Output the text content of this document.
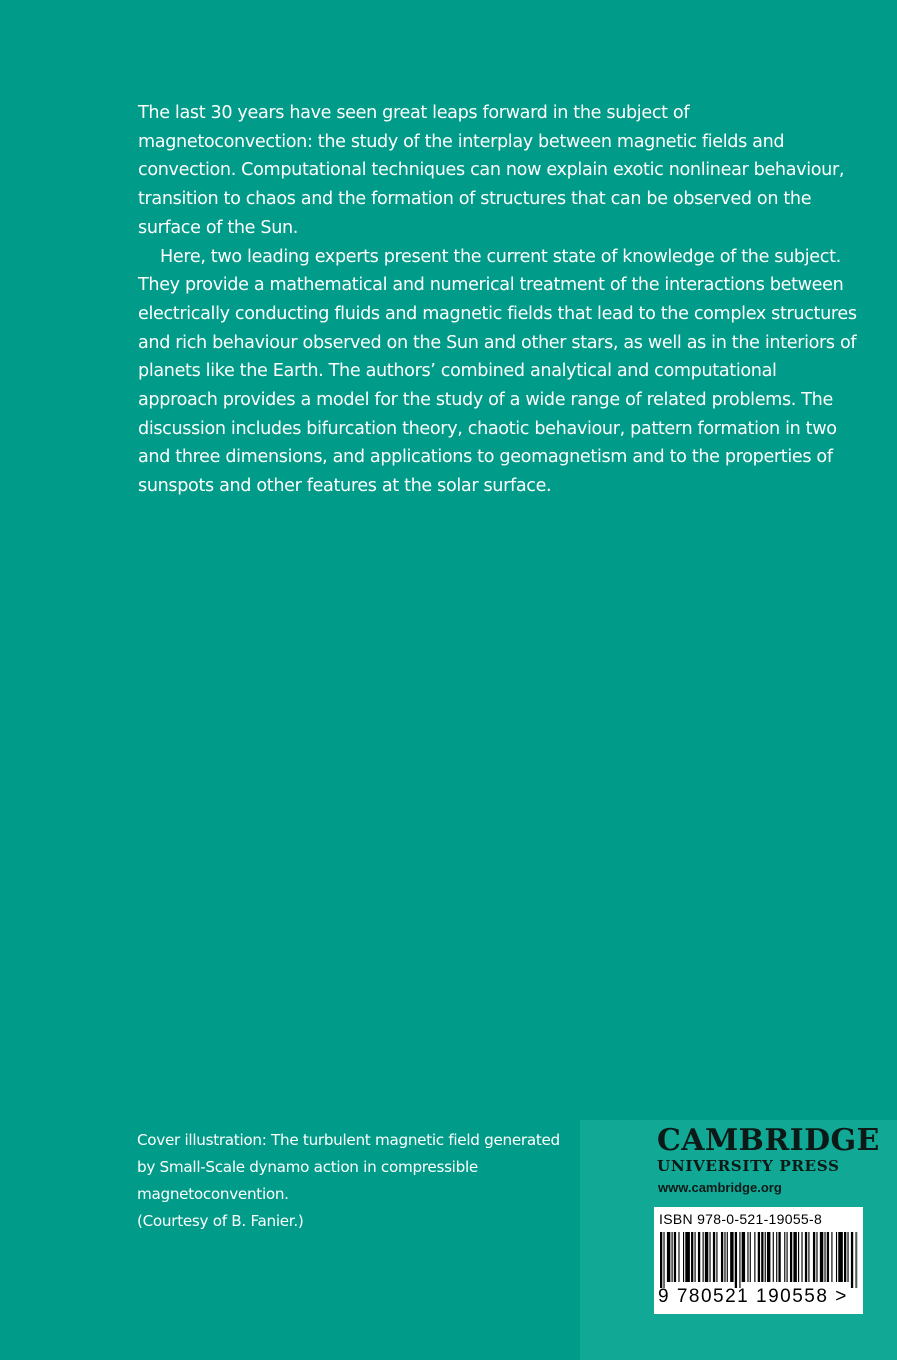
The last 30 years have seen great leaps forward in the subject of magnetoconvection: the study of the interplay between magnetic fields and convection. Computational techniques can now explain exotic nonlinear behaviour, transition to chaos and the formation of structures that can be observed on the surface of the Sun.

Here, two leading experts present the current state of knowledge of the subject. They provide a mathematical and numerical treatment of the interactions between electrically conducting fluids and magnetic fields that lead to the complex structures and rich behaviour observed on the Sun and other stars, as well as in the interiors of planets like the Earth. The authors’ combined analytical and computational approach provides a model for the study of a wide range of related problems. The discussion includes bifurcation theory, chaotic behaviour, pattern formation in two and three dimensions, and applications to geomagnetism and to the properties of sunspots and other features at the solar surface.

Cover illustration: The turbulent magnetic field generated by Small-Scale dynamo action in compressible magnetoconvention.

(Courtesy of B. Fanier.)

CAMBRIDGE
UNIVERSITY PRESS
www.cambridge.org
ISBN 978-0-521-19055-8
9 780521 190558 >
